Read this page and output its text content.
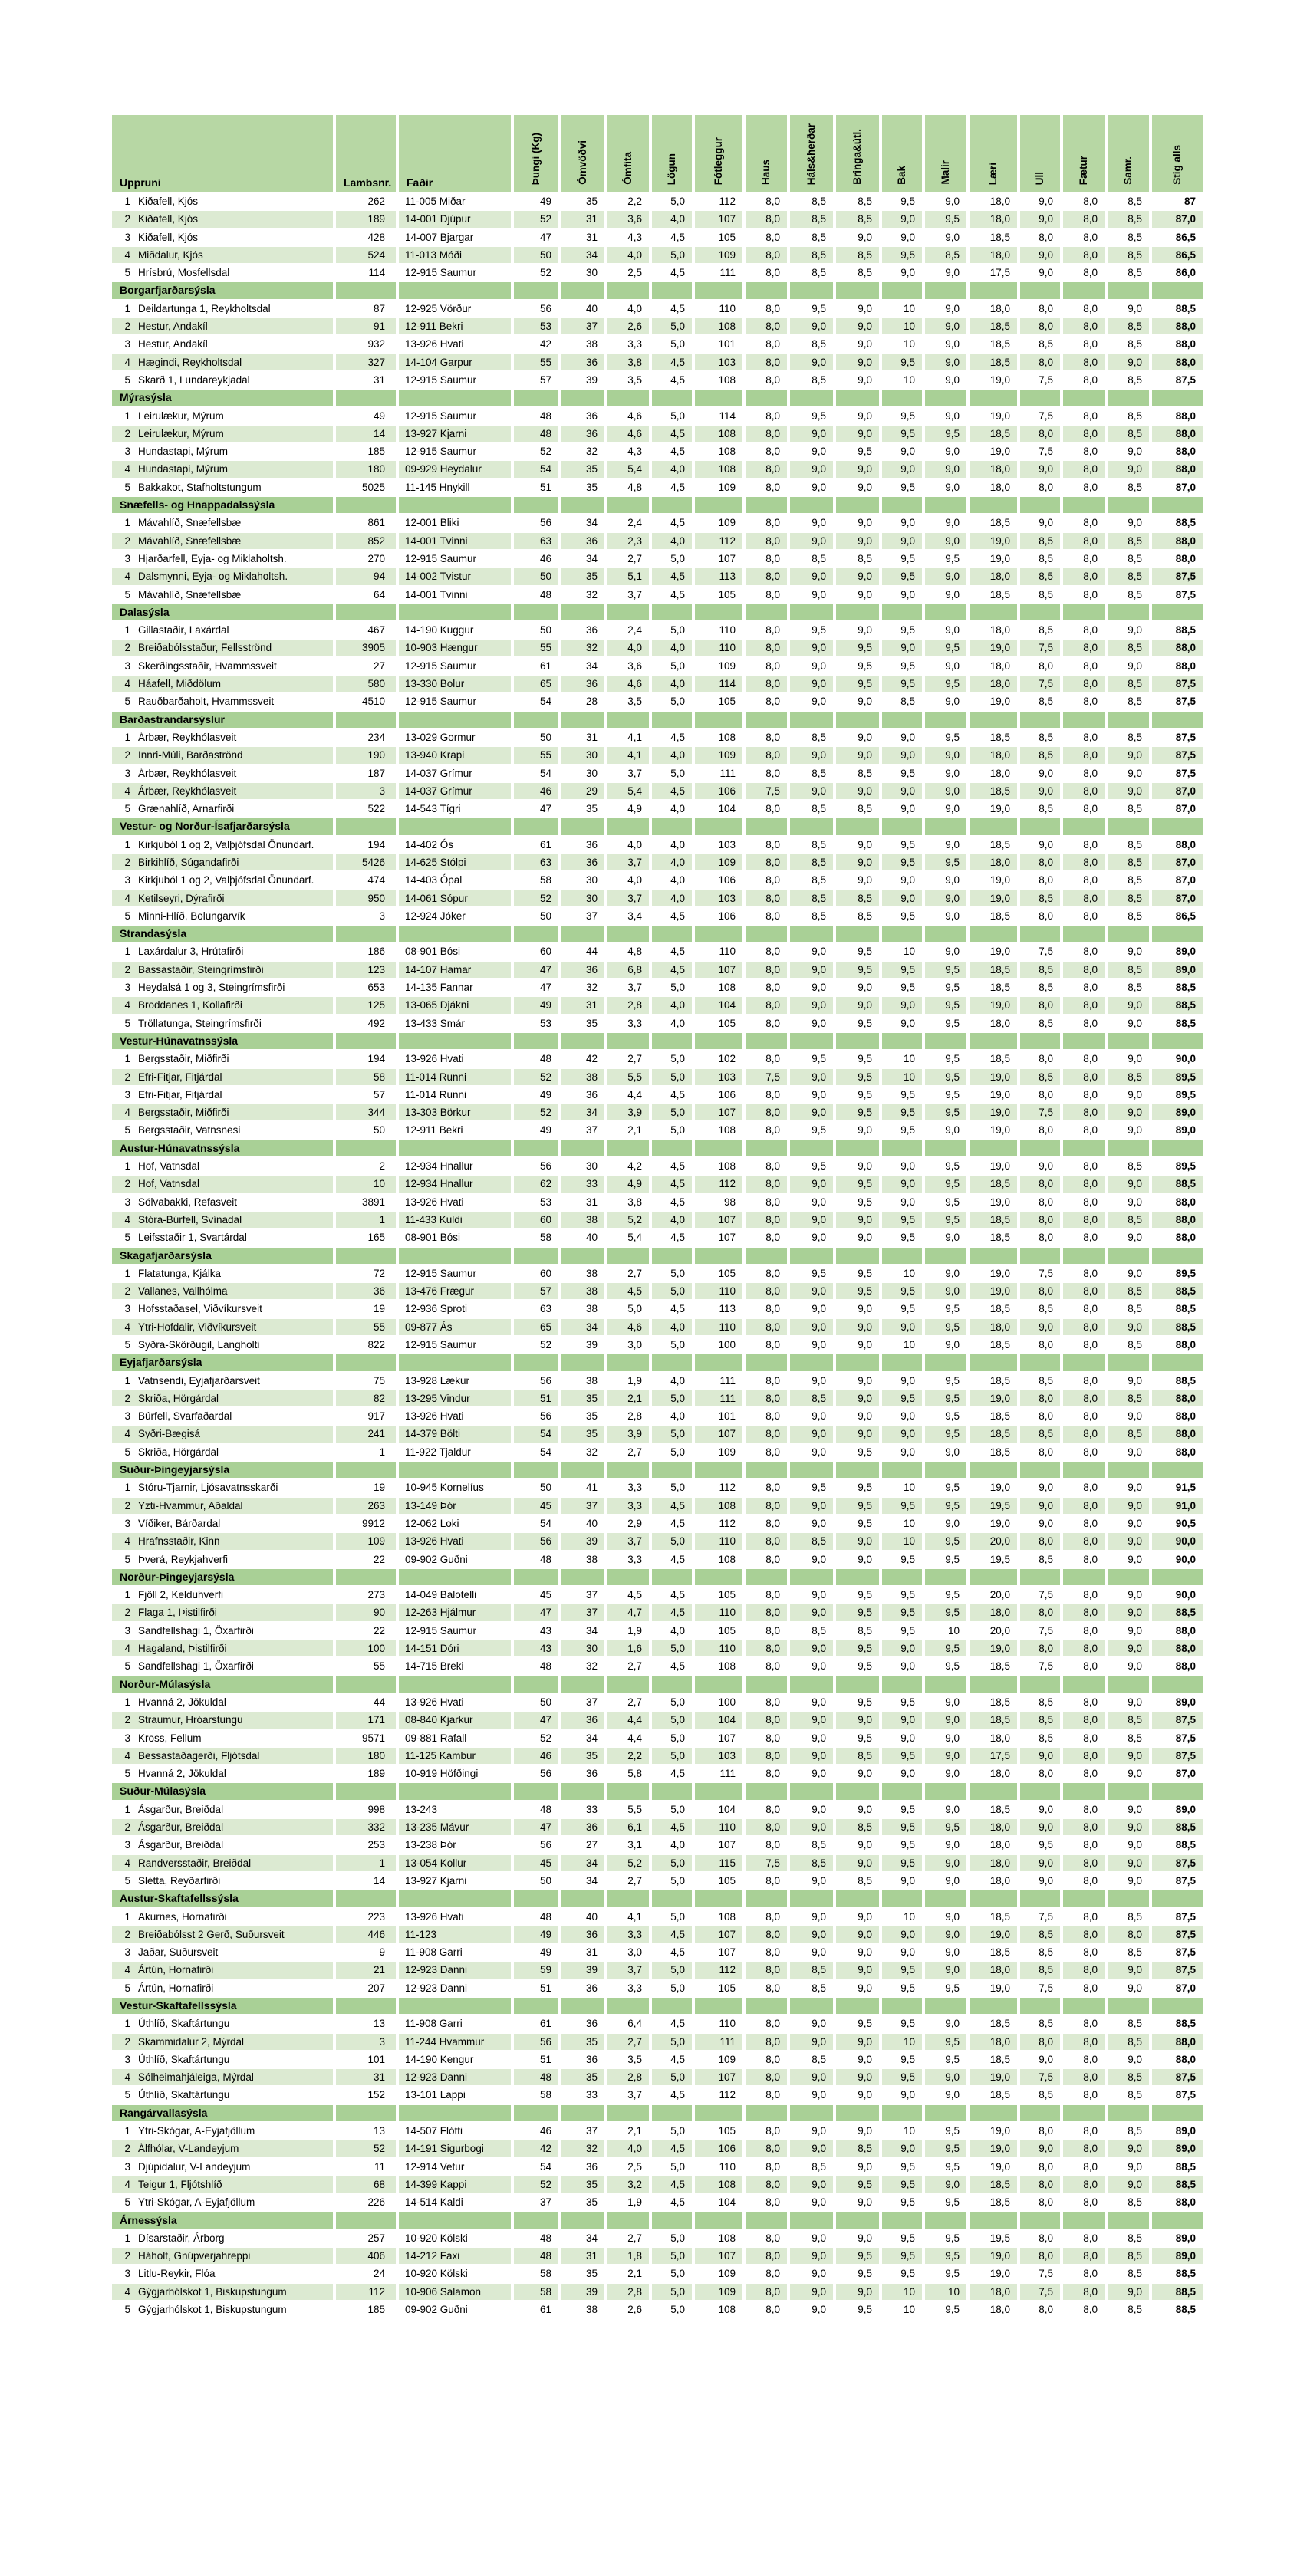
Uppruni	Lambsnr.	Faðir	Þungi (Kg)	Ómvöðvi	Ómfita	Lögun	Fótleggur	Haus	Háls&herðar	Bringa&útl.	Bak	Malir	Læri	Ull	Fætur	Samr.	Stig alls
1 Kiðafell, Kjós	262	11-005 Miðar	49	35	2,2	5,0	112	8,0	8,5	8,5	9,5	9,0	18,0	9,0	8,0	8,5	87
2 Kiðafell, Kjós	189	14-001 Djúpur	52	31	3,6	4,0	107	8,0	8,5	8,5	9,0	9,5	18,0	9,0	8,0	8,5	87,0
3 Kiðafell, Kjós	428	14-007 Bjargar	47	31	4,3	4,5	105	8,0	8,5	9,0	9,0	9,0	18,5	8,0	8,0	8,5	86,5
4 Miðdalur, Kjós	524	11-013 Móði	50	34	4,0	5,0	109	8,0	8,5	8,5	9,5	8,5	18,0	9,0	8,0	8,5	86,5
5 Hrísbrú, Mosfellsdal	114	12-915 Saumur	52	30	2,5	4,5	111	8,0	8,5	8,5	9,0	9,0	17,5	9,0	8,0	8,5	86,0
Borgarfjarðarsýsla																	
1 Deildartunga 1, Reykholtsdal	87	12-925 Vörður	56	40	4,0	4,5	110	8,0	9,5	9,0	10	9,0	18,0	8,0	8,0	9,0	88,5
2 Hestur, Andakíl	91	12-911 Bekri	53	37	2,6	5,0	108	8,0	9,0	9,0	10	9,0	18,5	8,0	8,0	8,5	88,0
3 Hestur, Andakíl	932	13-926 Hvati	42	38	3,3	5,0	101	8,0	8,5	9,0	10	9,0	18,5	8,5	8,0	8,5	88,0
4 Hægindi, Reykholtsdal	327	14-104 Garpur	55	36	3,8	4,5	103	8,0	9,0	9,0	9,5	9,0	18,5	8,0	8,0	9,0	88,0
5 Skarð 1, Lundareykjadal	31	12-915 Saumur	57	39	3,5	4,5	108	8,0	8,5	9,0	10	9,0	19,0	7,5	8,0	8,5	87,5
Mýrasýsla																	
1 Leirulækur, Mýrum	49	12-915 Saumur	48	36	4,6	5,0	114	8,0	9,5	9,0	9,5	9,0	19,0	7,5	8,0	8,5	88,0
2 Leirulækur, Mýrum	14	13-927 Kjarni	48	36	4,6	4,5	108	8,0	9,0	9,0	9,5	9,5	18,5	8,0	8,0	8,5	88,0
3 Hundastapi, Mýrum	185	12-915 Saumur	52	32	4,3	4,5	108	8,0	9,0	9,5	9,0	9,0	19,0	7,5	8,0	9,0	88,0
4 Hundastapi, Mýrum	180	09-929 Heydalur	54	35	5,4	4,0	108	8,0	9,0	9,0	9,0	9,0	18,0	9,0	8,0	9,0	88,0
5 Bakkakot, Stafholtstungum	5025	11-145 Hnykill	51	35	4,8	4,5	109	8,0	9,0	9,0	9,5	9,0	18,0	8,0	8,0	8,5	87,0
Snæfells- og Hnappadalssýsla																	
1 Mávahlíð, Snæfellsbæ	861	12-001 Bliki	56	34	2,4	4,5	109	8,0	9,0	9,0	9,0	9,0	18,5	9,0	8,0	9,0	88,5
2 Mávahlíð, Snæfellsbæ	852	14-001 Tvinni	63	36	2,3	4,0	112	8,0	9,0	9,0	9,0	9,0	19,0	8,5	8,0	8,5	88,0
3 Hjarðarfell, Eyja- og Miklaholtsh.	270	12-915 Saumur	46	34	2,7	5,0	107	8,0	8,5	8,5	9,5	9,5	19,0	8,5	8,0	8,5	88,0
4 Dalsmynni, Eyja- og Miklaholtsh.	94	14-002 Tvistur	50	35	5,1	4,5	113	8,0	9,0	9,0	9,5	9,0	18,0	8,5	8,0	8,5	87,5
5 Mávahlíð, Snæfellsbæ	64	14-001 Tvinni	48	32	3,7	4,5	105	8,0	9,0	9,0	9,0	9,0	18,5	8,5	8,0	8,5	87,5
Dalasýsla																	
1 Gillastaðir, Laxárdal	467	14-190 Kuggur	50	36	2,4	5,0	110	8,0	9,5	9,0	9,5	9,0	18,0	8,5	8,0	9,0	88,5
2 Breiðabólsstaður, Fellsströnd	3905	10-903 Hængur	55	32	4,0	4,0	110	8,0	9,0	9,5	9,0	9,5	19,0	7,5	8,0	8,5	88,0
3 Skerðingsstaðir, Hvammssveit	27	12-915 Saumur	61	34	3,6	5,0	109	8,0	9,0	9,5	9,5	9,0	18,0	8,0	8,0	9,0	88,0
4 Háafell, Miðdölum	580	13-330 Bolur	65	36	4,6	4,0	114	8,0	9,0	9,5	9,5	9,5	18,0	7,5	8,0	8,5	87,5
5 Rauðbarðaholt, Hvammssveit	4510	12-915 Saumur	54	28	3,5	5,0	105	8,0	9,0	9,0	8,5	9,0	19,0	8,5	8,0	8,5	87,5
Barðastrandarsýslur																	
1 Árbær, Reykhólasveit	234	13-029 Gormur	50	31	4,1	4,5	108	8,0	8,5	9,0	9,0	9,5	18,5	8,5	8,0	8,5	87,5
2 Innri-Múli, Barðaströnd	190	13-940 Krapi	55	30	4,1	4,0	109	8,0	9,0	9,0	9,0	9,0	18,0	8,5	8,0	9,0	87,5
3 Árbær, Reykhólasveit	187	14-037 Grímur	54	30	3,7	5,0	111	8,0	8,5	8,5	9,5	9,0	18,0	9,0	8,0	9,0	87,5
4 Árbær, Reykhólasveit	3	14-037 Grímur	46	29	5,4	4,5	106	7,5	9,0	9,0	9,0	9,0	18,5	9,0	8,0	9,0	87,0
5 Grænahlíð, Arnarfirði	522	14-543 Tígri	47	35	4,9	4,0	104	8,0	8,5	8,5	9,0	9,0	19,0	8,5	8,0	8,5	87,0
Vestur- og Norður-Ísafjarðarsýsla																	
1 Kirkjuból 1 og 2, Valþjófsdal Önundarf.	194	14-402 Ós	61	36	4,0	4,0	103	8,0	8,5	9,0	9,5	9,0	18,5	9,0	8,0	8,5	88,0
2 Birkihlíð, Súgandafirði	5426	14-625 Stólpi	63	36	3,7	4,0	109	8,0	8,5	9,0	9,5	9,5	18,0	8,0	8,0	8,5	87,0
3 Kirkjuból 1 og 2, Valþjófsdal Önundarf.	474	14-403 Ópal	58	30	4,0	4,0	106	8,0	8,5	9,0	9,0	9,0	19,0	8,0	8,0	8,5	87,0
4 Ketilseyri, Dýrafirði	950	14-061 Sópur	52	30	3,7	4,0	103	8,0	8,5	8,5	9,0	9,0	19,0	8,5	8,0	8,5	87,0
5 Minni-Hlíð, Bolungarvík	3	12-924 Jóker	50	37	3,4	4,5	106	8,0	8,5	8,5	9,5	9,0	18,5	8,0	8,0	8,5	86,5
Strandasýsla																	
1 Laxárdalur 3, Hrútafirði	186	08-901 Bósi	60	44	4,8	4,5	110	8,0	9,0	9,5	10	9,0	19,0	7,5	8,0	9,0	89,0
2 Bassastaðir, Steingrímsfirði	123	14-107 Hamar	47	36	6,8	4,5	107	8,0	9,0	9,5	9,5	9,5	18,5	8,5	8,0	8,5	89,0
3 Heydalsá 1 og 3, Steingrímsfirði	653	14-135 Fannar	47	32	3,7	5,0	108	8,0	9,0	9,0	9,5	9,5	18,5	8,5	8,0	8,5	88,5
4 Broddanes 1, Kollafirði	125	13-065 Djákni	49	31	2,8	4,0	104	8,0	9,0	9,0	9,0	9,5	19,0	8,0	8,0	9,0	88,5
5 Tröllatunga, Steingrímsfirði	492	13-433 Smár	53	35	3,3	4,0	105	8,0	9,0	9,5	9,0	9,5	18,0	8,5	8,0	9,0	88,5
Vestur-Húnavatnssýsla																	
1 Bergsstaðir, Miðfirði	194	13-926 Hvati	48	42	2,7	5,0	102	8,0	9,5	9,5	10	9,5	18,5	8,0	8,0	9,0	90,0
2 Efri-Fitjar, Fitjárdal	58	11-014 Runni	52	38	5,5	5,0	103	7,5	9,0	9,5	10	9,5	19,0	8,5	8,0	8,5	89,5
3 Efri-Fitjar, Fitjárdal	57	11-014 Runni	49	36	4,4	4,5	106	8,0	9,0	9,5	9,5	9,5	19,0	8,0	8,0	9,0	89,5
4 Bergsstaðir, Miðfirði	344	13-303 Börkur	52	34	3,9	5,0	107	8,0	9,0	9,5	9,5	9,5	19,0	7,5	8,0	9,0	89,0
5 Bergsstaðir, Vatnsnesi	50	12-911 Bekri	49	37	2,1	5,0	108	8,0	9,5	9,0	9,5	9,0	19,0	8,0	8,0	9,0	89,0
Austur-Húnavatnssýsla																	
1 Hof, Vatnsdal	2	12-934 Hnallur	56	30	4,2	4,5	108	8,0	9,5	9,0	9,0	9,5	19,0	9,0	8,0	8,5	89,5
2 Hof, Vatnsdal	10	12-934 Hnallur	62	33	4,9	4,5	112	8,0	9,0	9,5	9,0	9,5	18,5	8,0	8,0	9,0	88,5
3 Sölvabakki, Refasveit	3891	13-926 Hvati	53	31	3,8	4,5	98	8,0	9,0	9,5	9,0	9,5	19,0	8,0	8,0	9,0	88,0
4 Stóra-Búrfell, Svínadal	1	11-433 Kuldi	60	38	5,2	4,0	107	8,0	9,0	9,0	9,5	9,5	18,5	8,0	8,0	8,5	88,0
5 Leifsstaðir 1, Svartárdal	165	08-901 Bósi	58	40	5,4	4,5	107	8,0	9,0	9,0	9,5	9,0	18,5	8,0	8,0	9,0	88,0
Skagafjarðarsýsla																	
1 Flatatunga, Kjálka	72	12-915 Saumur	60	38	2,7	5,0	105	8,0	9,5	9,5	10	9,0	19,0	7,5	8,0	9,0	89,5
2 Vallanes, Vallhólma	36	13-476 Frægur	57	38	4,5	5,0	110	8,0	9,0	9,5	9,5	9,0	19,0	8,0	8,0	8,5	88,5
3 Hofsstaðasel, Viðvíkursveit	19	12-936 Sproti	63	38	5,0	4,5	113	8,0	9,0	9,0	9,5	9,5	18,5	8,5	8,0	8,5	88,5
4 Ytri-Hofdalir, Viðvíkursveit	55	09-877 Ás	65	34	4,6	4,0	110	8,0	9,0	9,0	9,0	9,5	18,0	9,0	8,0	9,0	88,5
5 Syðra-Skörðugil, Langholti	822	12-915 Saumur	52	39	3,0	5,0	100	8,0	9,0	9,0	10	9,0	18,5	8,0	8,0	8,5	88,0
Eyjafjarðarsýsla																	
1 Vatnsendi, Eyjafjarðarsveit	75	13-928 Lækur	56	38	1,9	4,0	111	8,0	9,0	9,0	9,0	9,5	18,5	8,5	8,0	9,0	88,5
2 Skriða, Hörgárdal	82	13-295 Vindur	51	35	2,1	5,0	111	8,0	8,5	9,0	9,5	9,5	19,0	8,0	8,0	8,5	88,0
3 Búrfell, Svarfaðardal	917	13-926 Hvati	56	35	2,8	4,0	101	8,0	9,0	9,0	9,0	9,5	18,5	8,0	8,0	9,0	88,0
4 Syðri-Bægisá	241	14-379 Bölti	54	35	3,9	5,0	107	8,0	9,0	9,0	9,0	9,5	18,5	8,5	8,0	8,5	88,0
5 Skriða, Hörgárdal	1	11-922 Tjaldur	54	32	2,7	5,0	109	8,0	9,0	9,5	9,0	9,0	18,5	8,0	8,0	9,0	88,0
Suður-Þingeyjarsýsla																	
1 Stóru-Tjarnir, Ljósavatnsskarði	19	10-945 Kornelíus	50	41	3,3	5,0	112	8,0	9,5	9,5	10	9,5	19,0	9,0	8,0	9,0	91,5
2 Yzti-Hvammur, Aðaldal	263	13-149 Þór	45	37	3,3	4,5	108	8,0	9,0	9,5	9,5	9,5	19,5	9,0	8,0	9,0	91,0
3 Víðiker, Bárðardal	9912	12-062 Loki	54	40	2,9	4,5	112	8,0	9,0	9,5	10	9,0	19,0	9,0	8,0	9,0	90,5
4 Hrafnsstaðir, Kinn	109	13-926 Hvati	56	39	3,7	5,0	110	8,0	8,5	9,0	10	9,5	20,0	8,0	8,0	9,0	90,0
5 Þverá, Reykjahverfi	22	09-902 Guðni	48	38	3,3	4,5	108	8,0	9,0	9,0	9,5	9,5	19,5	8,5	8,0	9,0	90,0
Norður-Þingeyjarsýsla																	
1 Fjöll 2, Kelduhverfi	273	14-049 Balotelli	45	37	4,5	4,5	105	8,0	9,0	9,5	9,5	9,5	20,0	7,5	8,0	9,0	90,0
2 Flaga 1, Þistilfirði	90	12-263 Hjálmur	47	37	4,7	4,5	110	8,0	9,0	9,5	9,5	9,5	18,0	8,0	8,0	9,0	88,5
3 Sandfellshagi 1, Öxarfirði	22	12-915 Saumur	43	34	1,9	4,0	105	8,0	8,5	8,5	9,5	10	20,0	7,5	8,0	9,0	88,0
4 Hagaland, Þistilfirði	100	14-151 Dóri	43	30	1,6	5,0	110	8,0	9,0	9,5	9,0	9,5	19,0	8,0	8,0	9,0	88,0
5 Sandfellshagi 1, Öxarfirði	55	14-715 Breki	48	32	2,7	4,5	108	8,0	9,0	9,5	9,0	9,5	18,5	7,5	8,0	9,0	88,0
Norður-Múlasýsla																	
1 Hvanná 2, Jökuldal	44	13-926 Hvati	50	37	2,7	5,0	100	8,0	9,0	9,5	9,5	9,0	18,5	8,5	8,0	9,0	89,0
2 Straumur, Hróarstungu	171	08-840 Kjarkur	47	36	4,4	5,0	104	8,0	9,0	9,0	9,0	9,0	18,5	8,5	8,0	8,5	87,5
3 Kross, Fellum	9571	09-881 Rafall	52	34	4,4	5,0	107	8,0	9,0	9,5	9,0	9,0	18,0	8,5	8,0	8,5	87,5
4 Bessastaðagerði, Fljótsdal	180	11-125 Kambur	46	35	2,2	5,0	103	8,0	9,0	8,5	9,5	9,0	17,5	9,0	8,0	9,0	87,5
5 Hvanná 2, Jökuldal	189	10-919 Höfðingi	56	36	5,8	4,5	111	8,0	9,0	9,0	9,0	9,0	18,0	8,0	8,0	9,0	87,0
Suður-Múlasýsla																	
1 Ásgarður, Breiðdal	998	13-243	48	33	5,5	5,0	104	8,0	9,0	9,0	9,5	9,0	18,5	9,0	8,0	9,0	89,0
2 Ásgarður, Breiðdal	332	13-235 Mávur	47	36	6,1	4,5	110	8,0	9,0	8,5	9,5	9,5	18,0	9,0	8,0	9,0	88,5
3 Ásgarður, Breiðdal	253	13-238 Þór	56	27	3,1	4,0	107	8,0	8,5	9,0	9,5	9,0	18,0	9,5	8,0	9,0	88,5
4 Randversstaðir, Breiðdal	1	13-054 Kollur	45	34	5,2	5,0	115	7,5	8,5	9,0	9,5	9,0	18,0	9,0	8,0	9,0	87,5
5 Slétta, Reyðarfirði	14	13-927 Kjarni	50	34	2,7	5,0	105	8,0	9,0	8,5	9,0	9,0	18,0	9,0	8,0	9,0	87,5
Austur-Skaftafellssýsla																	
1 Akurnes, Hornafirði	223	13-926 Hvati	48	40	4,1	5,0	108	8,0	9,0	9,0	10	9,0	18,5	7,5	8,0	8,5	87,5
2 Breiðabólsst 2 Gerð, Suðursveit	446	11-123	49	36	3,3	4,5	107	8,0	9,0	9,0	9,0	9,0	19,0	8,5	8,0	8,0	87,5
3 Jaðar, Suðursveit	9	11-908 Garri	49	31	3,0	4,5	107	8,0	9,0	9,0	9,0	9,0	18,5	8,5	8,0	8,5	87,5
4 Ártún, Hornafirði	21	12-923 Danni	59	39	3,7	5,0	112	8,0	8,5	9,0	9,5	9,0	18,0	8,5	8,0	9,0	87,5
5 Ártún, Hornafirði	207	12-923 Danni	51	36	3,3	5,0	105	8,0	8,5	9,0	9,5	9,5	19,0	7,5	8,0	9,0	87,0
Vestur-Skaftafellssýsla																	
1 Úthlíð, Skaftártungu	13	11-908 Garri	61	36	6,4	4,5	110	8,0	9,0	9,5	9,5	9,0	18,5	8,5	8,0	8,5	88,5
2 Skammidalur 2, Mýrdal	3	11-244 Hvammur	56	35	2,7	5,0	111	8,0	9,0	9,0	10	9,5	18,0	8,0	8,0	8,5	88,0
3 Úthlíð, Skaftártungu	101	14-190 Kengur	51	36	3,5	4,5	109	8,0	8,5	9,0	9,5	9,5	18,5	9,0	8,0	9,0	88,0
4 Sólheimahjáleiga, Mýrdal	31	12-923 Danni	48	35	2,8	5,0	107	8,0	9,0	9,0	9,5	9,0	19,0	7,5	8,0	8,5	87,5
5 Úthlíð, Skaftártungu	152	13-101 Lappi	58	33	3,7	4,5	112	8,0	9,0	9,0	9,0	9,0	18,5	8,5	8,0	8,5	87,5
Rangárvallasýsla																	
1 Ytri-Skógar, A-Eyjafjöllum	13	14-507 Flótti	46	37	2,1	5,0	105	8,0	9,0	9,0	10	9,5	19,0	8,0	8,0	8,5	89,0
2 Álfhólar, V-Landeyjum	52	14-191 Sigurbogi	42	32	4,0	4,5	106	8,0	9,0	8,5	9,0	9,5	19,0	9,0	8,0	9,0	89,0
3 Djúpidalur, V-Landeyjum	11	12-914 Vetur	54	36	2,5	5,0	110	8,0	8,5	9,0	9,5	9,5	19,0	8,0	8,0	9,0	88,5
4 Teigur 1, Fljótshlíð	68	14-399 Kappi	52	35	3,2	4,5	108	8,0	9,0	9,5	9,5	9,0	18,5	8,0	8,0	9,0	88,5
5 Ytri-Skógar, A-Eyjafjöllum	226	14-514 Kaldi	37	35	1,9	4,5	104	8,0	9,0	9,0	9,5	9,5	18,5	8,0	8,0	8,5	88,0
Árnessýsla																	
1 Dísarstaðir, Árborg	257	10-920 Kölski	48	34	2,7	5,0	108	8,0	9,0	9,0	9,5	9,5	19,5	8,0	8,0	8,5	89,0
2 Háholt, Gnúpverjahreppi	406	14-212 Faxi	48	31	1,8	5,0	107	8,0	9,0	9,5	9,5	9,5	19,0	8,0	8,0	8,5	89,0
3 Litlu-Reykir, Flóa	24	10-920 Kölski	58	35	2,1	5,0	109	8,0	9,0	9,5	9,5	9,5	19,0	7,5	8,0	8,5	88,5
4 Gýgjarhólskot 1, Biskupstungum	112	10-906 Salamon	58	39	2,8	5,0	109	8,0	9,0	9,0	10	10	18,0	7,5	8,0	9,0	88,5
5 Gýgjarhólskot 1, Biskupstungum	185	09-902 Guðni	61	38	2,6	5,0	108	8,0	9,0	9,5	10	9,5	18,0	8,0	8,0	8,5	88,5
